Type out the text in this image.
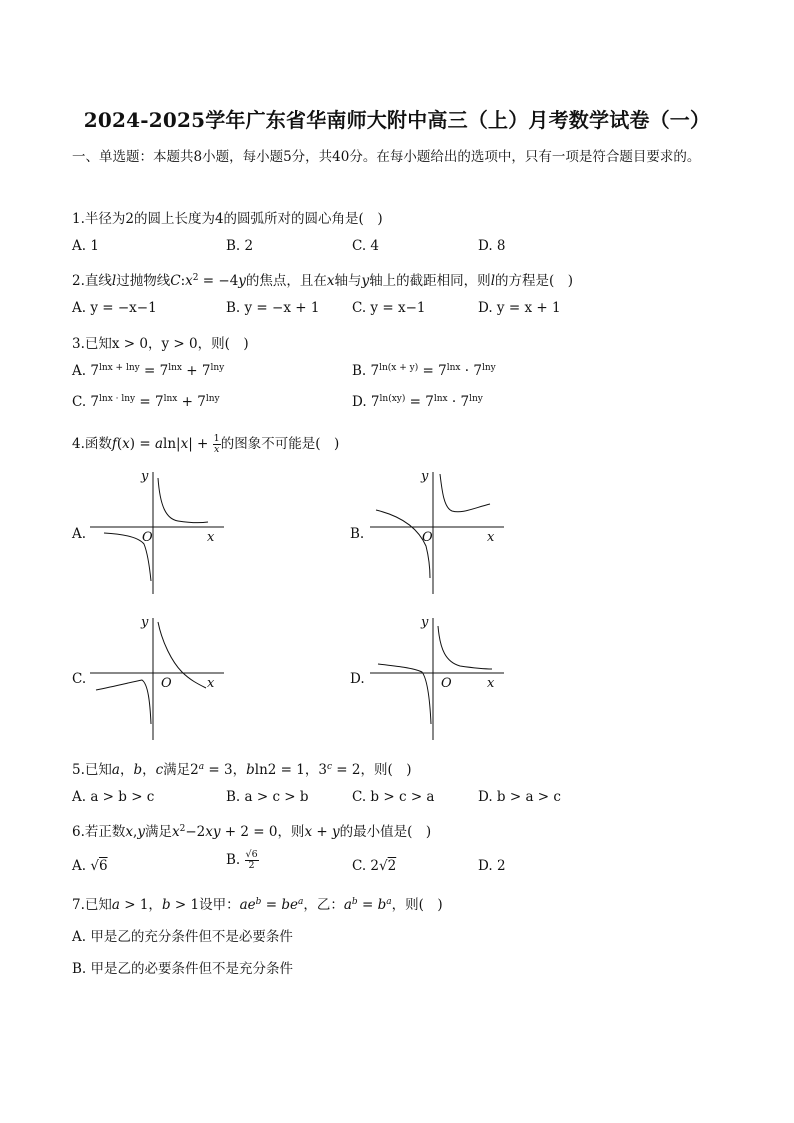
2024-2025学年广东省华南师大附中高三（上）月考数学试卷（一）
一、单选题：本题共8小题，每小题5分，共40分。在每小题给出的选项中，只有一项是符合题目要求的。
1.半径为2的圆上长度为4的圆弧所对的圆心角是(　)
A. 1	B. 2	C. 4	D. 8
2.直线l过抛物线$C:x^2 = -4y$的焦点，且在x轴与y轴上的截距相同，则l的方程是(　)
A. y = −x−1	B. y = −x + 1 C. y = x−1	D. y = x + 1
3.已知x > 0，y > 0，则(　)
A. $7^{lnx + lny} = 7^{lnx} + 7^{lny}$	B. $7^{ln(x + y)} = 7^{lnx} \cdot 7^{lny}$
C. $7^{lnx \cdot lny} = 7^{lnx} + 7^{lny}$	D. $7^{ln(xy)} = 7^{lnx} \cdot 7^{lny}$
4.函数$f(x) = aln|x| + \frac{1}{x}$ 的图象不可能是(　)
A.
y
x
O	B.
y
x
O
C.
y
x
O	D.
y
x
O
5.已知a，b，c满足$2^a = 3$，bln2 = 1，$3^c = 2$，则(　)
A. a > b > c	B. a > c > b	C. b > c > a	D. b > a > c
6.若正数x,y满足$x^2-2xy + 2 = 0$，则x + y的最小值是(　)
A. √6	B. $\frac{√6}{2}$	C. 2√2	D. 2
7.已知a > 1，b > 1设甲：$ae^b = be^a$，乙：$a^b = b^a$，则(　)
A. 甲是乙的充分条件但不是必要条件
B. 甲是乙的必要条件但不是充分条件
